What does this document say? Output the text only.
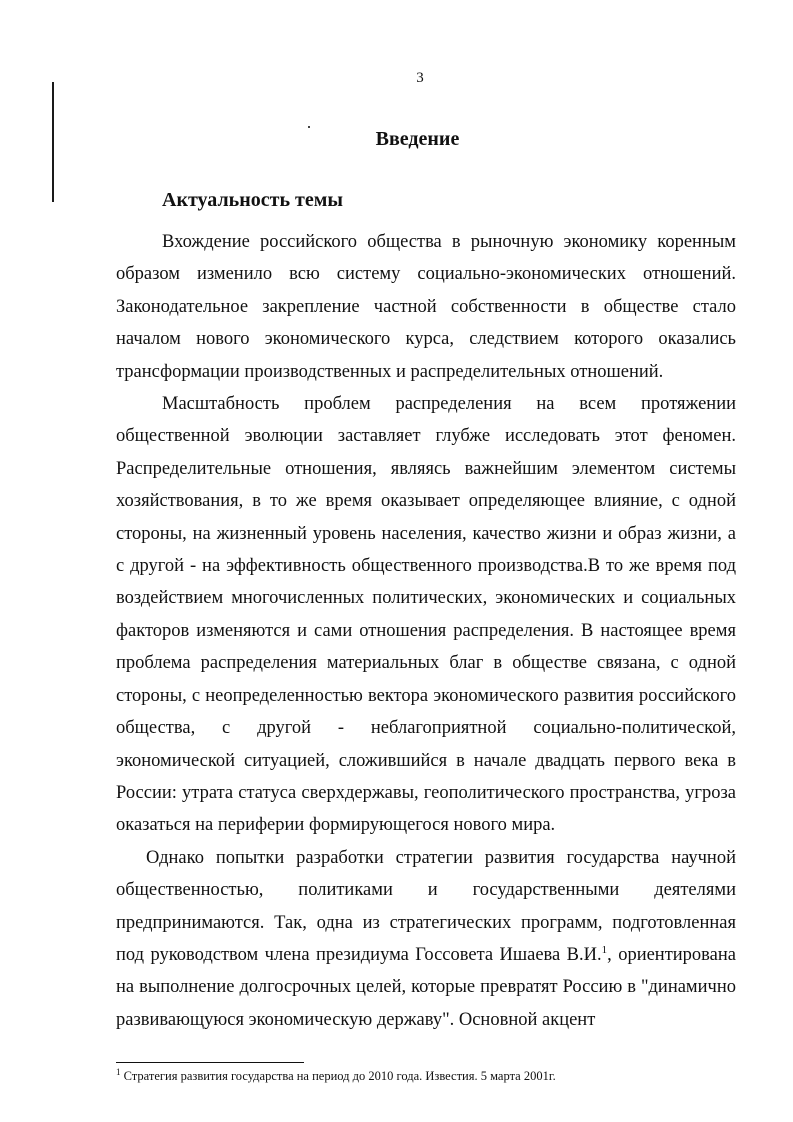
3
Введение
Актуальность темы

Вхождение российского общества в рыночную экономику коренным образом изменило всю систему социально-экономических отношений. Законодательное закрепление частной собственности в обществе стало началом нового экономического курса, следствием которого оказались трансформации производственных и распределительных отношений.

Масштабность проблем распределения на всем протяжении общественной эволюции заставляет глубже исследовать этот феномен. Распределительные отношения, являясь важнейшим элементом системы хозяйствования, в то же время оказывает определяющее влияние, с одной стороны, на жизненный уровень населения, качество жизни и образ жизни, а с другой - на эффективность общественного производства.В то же время под воздействием многочисленных политических, экономических и социальных факторов изменяются и сами отношения распределения. В настоящее время проблема распределения материальных благ в обществе связана, с одной стороны, с неопределенностью вектора экономического развития российского общества, с другой - неблагоприятной социально-политической, экономической ситуацией, сложившийся в начале двадцать первого века в России: утрата статуса сверхдержавы, геополитического пространства, угроза оказаться на периферии формирующегося нового мира.

Однако попытки разработки стратегии развития государства научной общественностью, политиками и государственными деятелями предпринимаются. Так, одна из стратегических программ, подготовленная под руководством члена президиума Госсовета Ишаева В.И.$^1$, ориентирована на выполнение долгосрочных целей, которые превратят Россию в "динамично развивающуюся экономическую державу". Основной акцент

$^1$ Стратегия развития государства на период до 2010 года. Известия. 5 марта 2001г.
